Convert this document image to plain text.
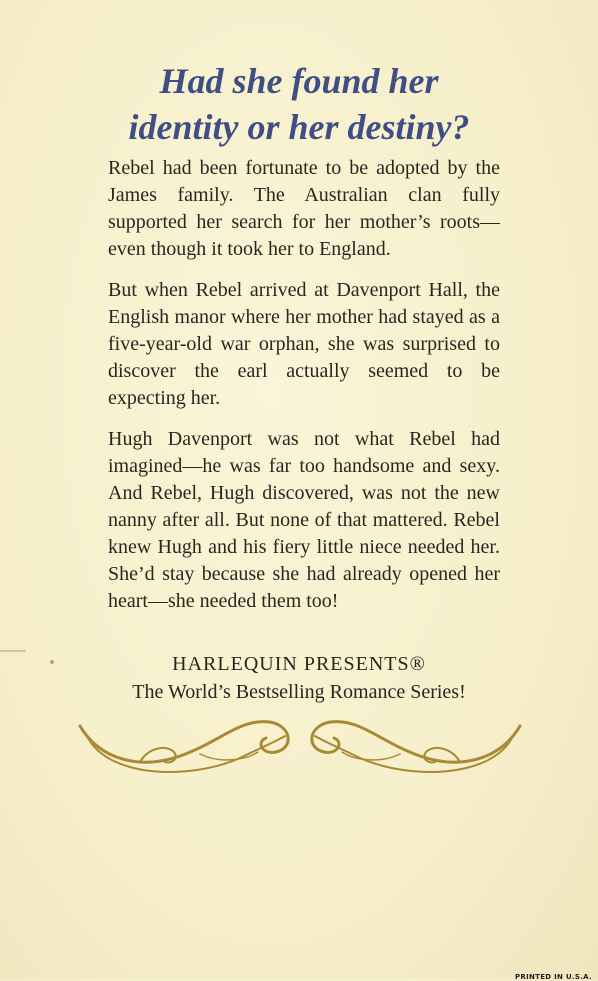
Had she found her
identity or her destiny?

Rebel had been fortunate to be adopted by the James family. The Australian clan fully supported her search for her mother’s roots—even though it took her to England.

But when Rebel arrived at Davenport Hall, the English manor where her mother had stayed as a five-year-old war orphan, she was surprised to discover the earl actually seemed to be expecting her.

Hugh Davenport was not what Rebel had imagined—he was far too handsome and sexy. And Rebel, Hugh discovered, was not the new nanny after all. But none of that mattered. Rebel knew Hugh and his fiery little niece needed her. She’d stay because she had already opened her heart—she needed them too!

HARLEQUIN PRESENTS®
The World’s Bestselling Romance Series!
PRINTED IN U.S.A.
